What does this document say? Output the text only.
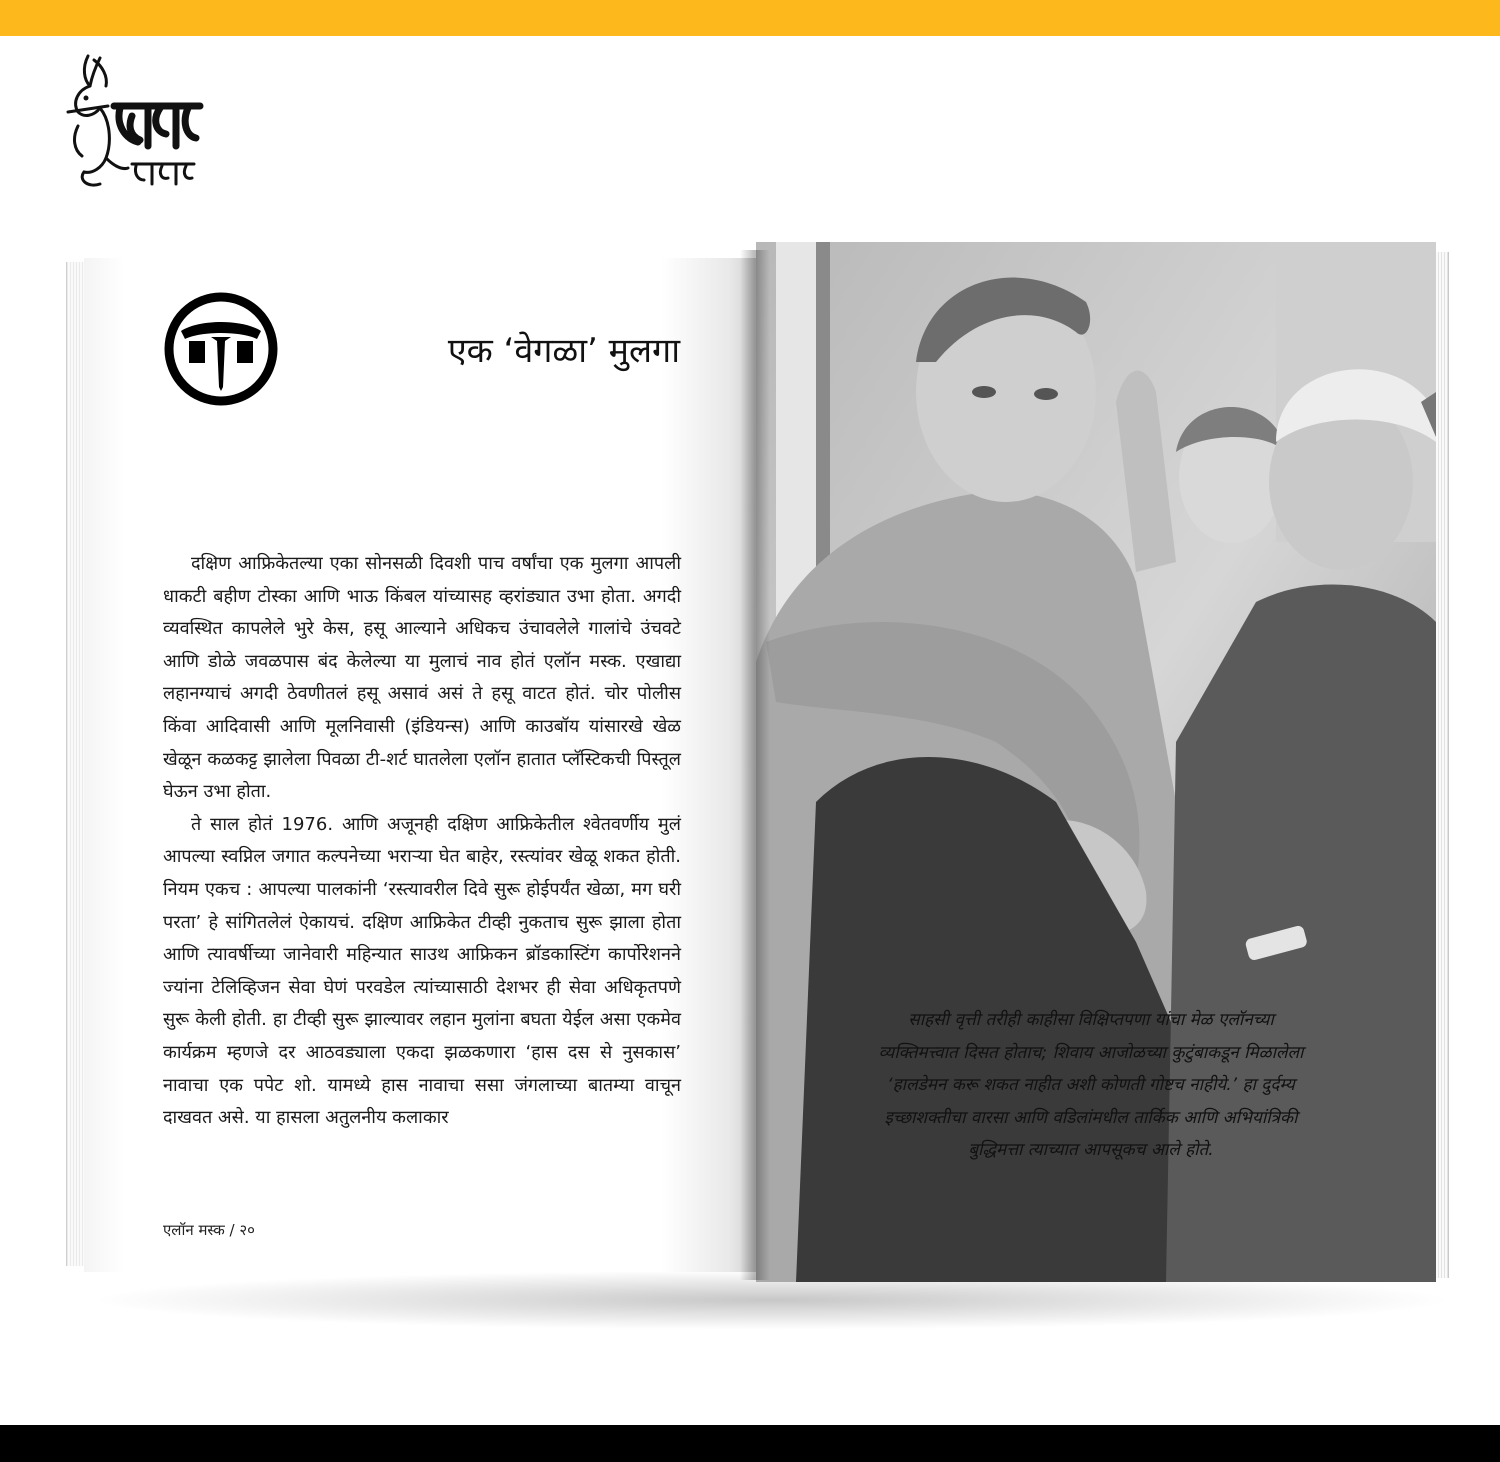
एक ‘वेगळा’ मुलगा

दक्षिण आफ्रिकेतल्या एका सोनसळी दिवशी पाच वर्षांचा एक मुलगा आपली धाकटी बहीण टोस्का आणि भाऊ किंबल यांच्यासह व्हरांड्यात उभा होता. अगदी व्यवस्थित कापलेले भुरे केस, हसू आल्याने अधिकच उंचावलेले गालांचे उंचवटे आणि डोळे जवळपास बंद केलेल्या या मुलाचं नाव होतं एलॉन मस्क. एखाद्या लहानग्याचं अगदी ठेवणीतलं हसू असावं असं ते हसू वाटत होतं. चोर पोलीस किंवा आदिवासी आणि मूलनिवासी (इंडियन्स) आणि काउबॉय यांसारखे खेळ खेळून कळकट्ट झालेला पिवळा टी-शर्ट घातलेला एलॉन हातात प्लॅस्टिकची पिस्तूल घेऊन उभा होता.

ते साल होतं 1976. आणि अजूनही दक्षिण आफ्रिकेतील श्वेतवर्णीय मुलं आपल्या स्वप्निल जगात कल्पनेच्या भराऱ्या घेत बाहेर, रस्त्यांवर खेळू शकत होती. नियम एकच : आपल्या पालकांनी ‘रस्त्यावरील दिवे सुरू होईपर्यंत खेळा, मग घरी परता’ हे सांगितलेलं ऐकायचं. दक्षिण आफ्रिकेत टीव्ही नुकताच सुरू झाला होता आणि त्यावर्षीच्या जानेवारी महिन्यात साउथ आफ्रिकन ब्रॉडकास्टिंग कार्पोरेशनने ज्यांना टेलिव्हिजन सेवा घेणं परवडेल त्यांच्यासाठी देशभर ही सेवा अधिकृतपणे सुरू केली होती. हा टीव्ही सुरू झाल्यावर लहान मुलांना बघता येईल असा एकमेव कार्यक्रम म्हणजे दर आठवड्याला एकदा झळकणारा ‘हास दस से नुसकास’ नावाचा एक पपेट शो. यामध्ये हास नावाचा ससा जंगलाच्या बातम्या वाचून दाखवत असे. या हासला अतुलनीय कलाकार

एलॉन मस्क / २०
साहसी वृत्ती तरीही काहीसा विक्षिप्तपणा यांचा मेळ एलॉनच्या व्यक्तिमत्त्वात दिसत होताच; शिवाय आजोळच्या कुटुंबाकडून मिळालेला ‘हालडेमन करू शकत नाहीत अशी कोणती गोष्टच नाहीये.’ हा दुर्दम्य इच्छाशक्तीचा वारसा आणि वडिलांमधील तार्किक आणि अभियांत्रिकी बुद्धिमत्ता त्याच्यात आपसूकच आले होते.
